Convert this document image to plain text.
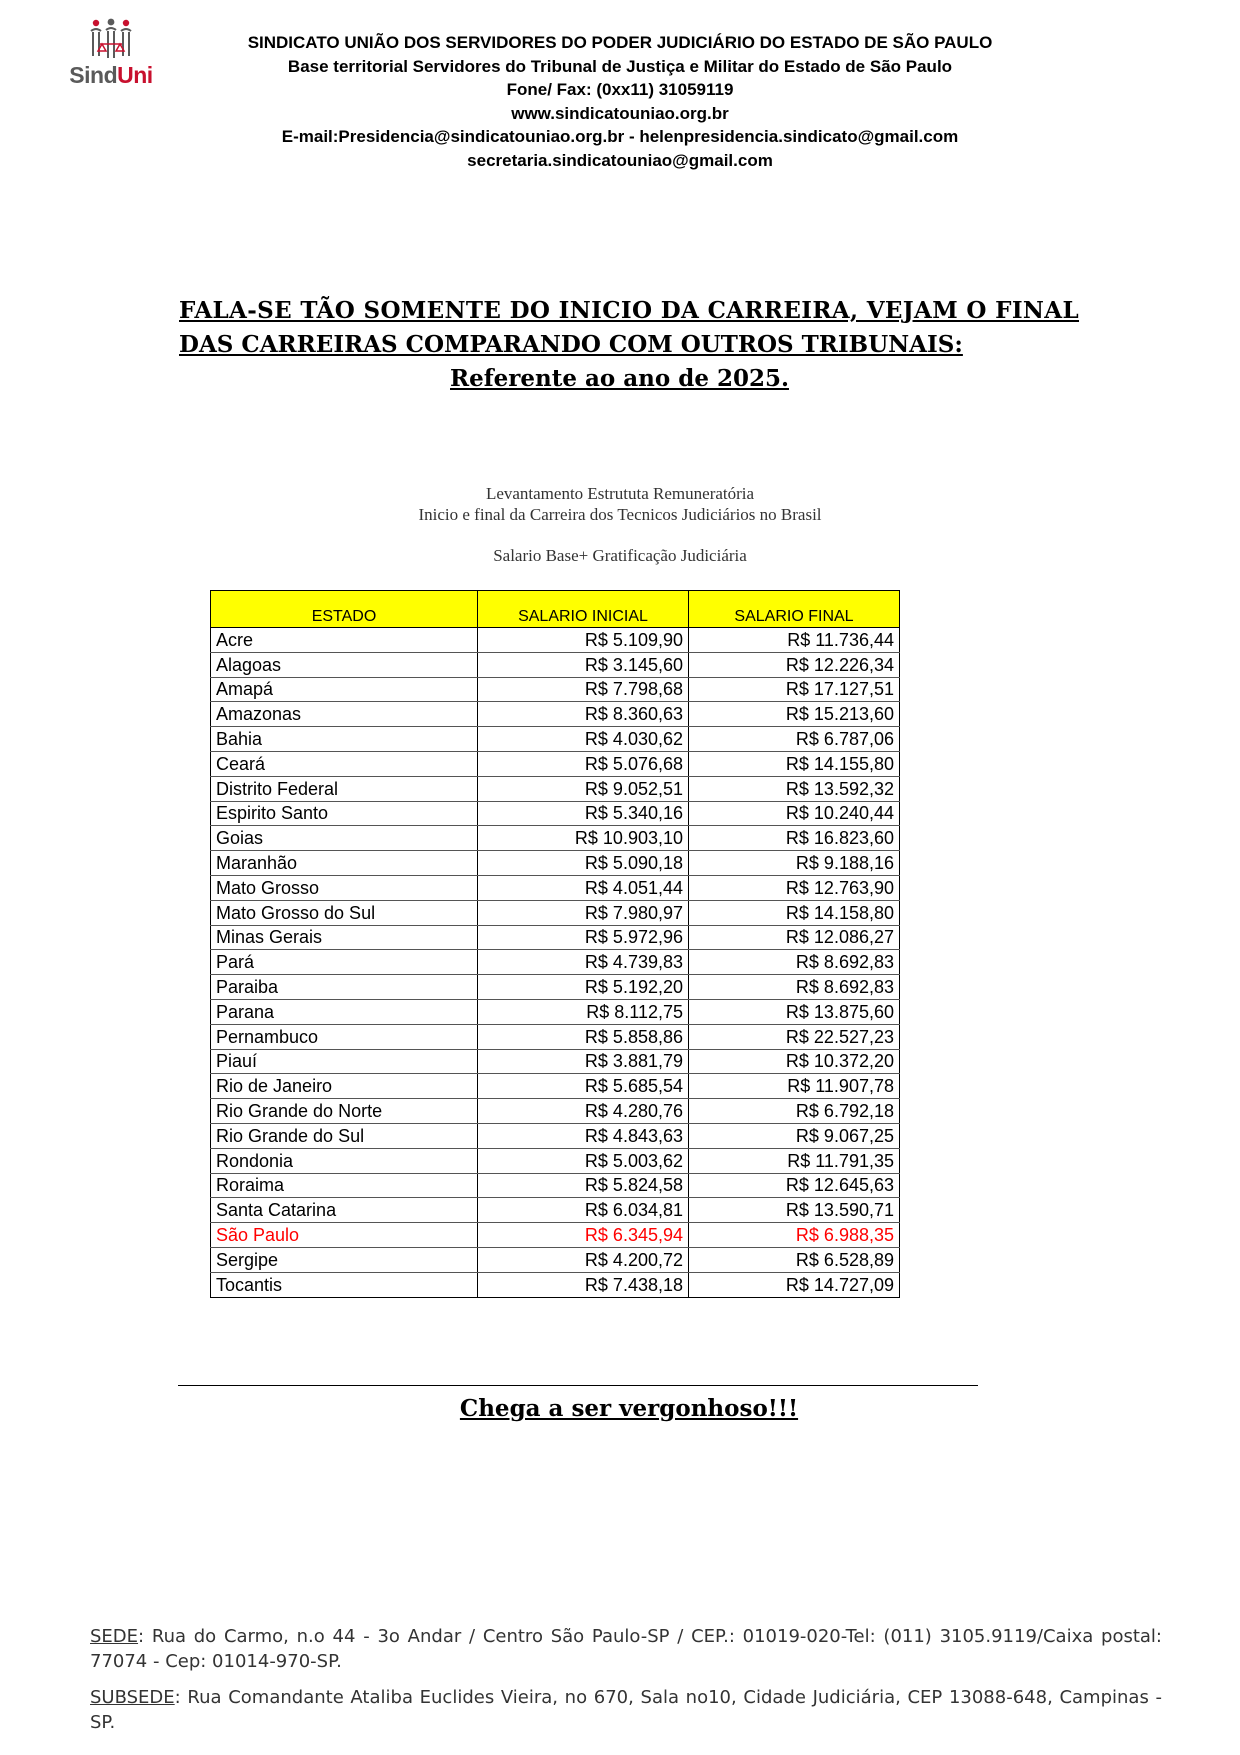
SindUni
SINDICATO UNIÃO DOS SERVIDORES DO PODER JUDICIÁRIO DO ESTADO DE SÃO PAULO
Base territorial Servidores do Tribunal de Justiça e Militar do Estado de São Paulo
Fone/ Fax: (0xx11) 31059119
www.sindicatouniao.org.br
E-mail:Presidencia@sindicatouniao.org.br - helenpresidencia.sindicato@gmail.com
secretaria.sindicatouniao@gmail.com
FALA-SE TÃO SOMENTE DO INICIO DA CARREIRA, VEJAM O FINAL
DAS CARREIRAS COMPARANDO COM OUTROS TRIBUNAIS:
Referente ao ano de 2025.
Levantamento Estrututa Remuneratória
Inicio e final da Carreira dos Tecnicos Judiciários no Brasil
Salario Base+ Gratificação Judiciária
ESTADO	SALARIO INICIAL	SALARIO FINAL
Acre	R$ 5.109,90	R$ 11.736,44
Alagoas	R$ 3.145,60	R$ 12.226,34
Amapá	R$ 7.798,68	R$ 17.127,51
Amazonas	R$ 8.360,63	R$ 15.213,60
Bahia	R$ 4.030,62	R$ 6.787,06
Ceará	R$ 5.076,68	R$ 14.155,80
Distrito Federal	R$ 9.052,51	R$ 13.592,32
Espirito Santo	R$ 5.340,16	R$ 10.240,44
Goias	R$ 10.903,10	R$ 16.823,60
Maranhão	R$ 5.090,18	R$ 9.188,16
Mato Grosso	R$ 4.051,44	R$ 12.763,90
Mato Grosso do Sul	R$ 7.980,97	R$ 14.158,80
Minas Gerais	R$ 5.972,96	R$ 12.086,27
Pará	R$ 4.739,83	R$ 8.692,83
Paraiba	R$ 5.192,20	R$ 8.692,83
Parana	R$ 8.112,75	R$ 13.875,60
Pernambuco	R$ 5.858,86	R$ 22.527,23
Piauí	R$ 3.881,79	R$ 10.372,20
Rio de Janeiro	R$ 5.685,54	R$ 11.907,78
Rio Grande do Norte	R$ 4.280,76	R$ 6.792,18
Rio Grande do Sul	R$ 4.843,63	R$ 9.067,25
Rondonia	R$ 5.003,62	R$ 11.791,35
Roraima	R$ 5.824,58	R$ 12.645,63
Santa Catarina	R$ 6.034,81	R$ 13.590,71
São Paulo	R$ 6.345,94	R$ 6.988,35
Sergipe	R$ 4.200,72	R$ 6.528,89
Tocantis	R$ 7.438,18	R$ 14.727,09
Chega a ser vergonhoso!!!

SEDE: Rua do Carmo, n.o 44 - 3o Andar / Centro São Paulo-SP / CEP.: 01019-020-Tel: (011) 3105.9119/Caixa postal: 77074 - Cep: 01014-970-SP.

SUBSEDE: Rua Comandante Ataliba Euclides Vieira, no 670, Sala no10, Cidade Judiciária, CEP 13088-648, Campinas - SP.
